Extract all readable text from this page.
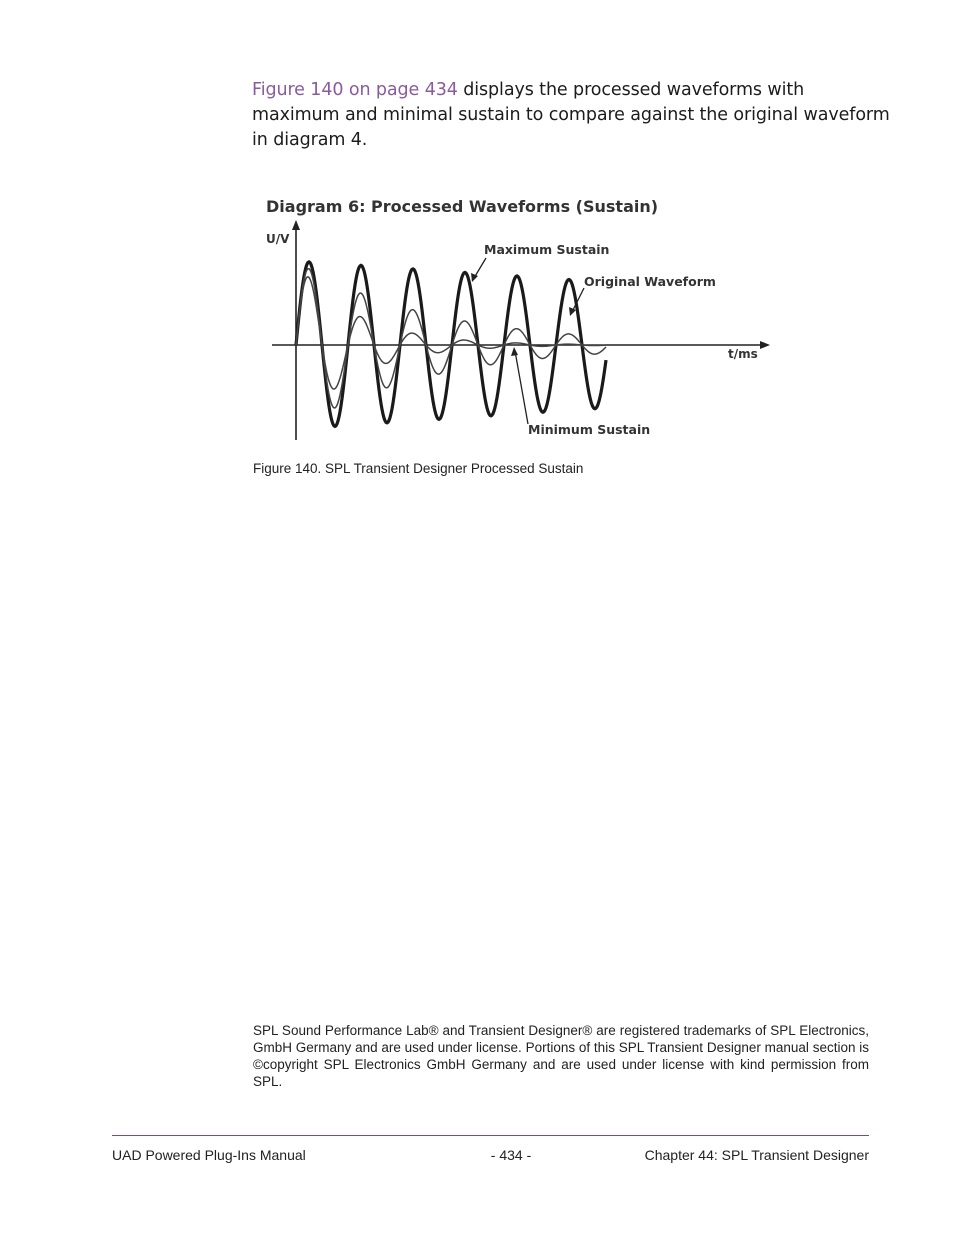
Figure 140 on page 434 displays the processed waveforms with maximum and minimal sustain to compare against the original waveform in diagram 4.
Diagram 6: Processed Waveforms (Sustain)
U/V
t/ms
Maximum Sustain
Original Waveform
Minimum Sustain
Figure 140. SPL Transient Designer Processed Sustain
SPL Sound Performance Lab® and Transient Designer® are registered trademarks of SPL Electronics, GmbH Germany and are used under license. Portions of this SPL Transient Designer manual section is ©copyright SPL Electronics GmbH Germany and are used under license with kind permission from SPL.
UAD Powered Plug-Ins Manual	- 434 -	Chapter 44: SPL Transient Designer
